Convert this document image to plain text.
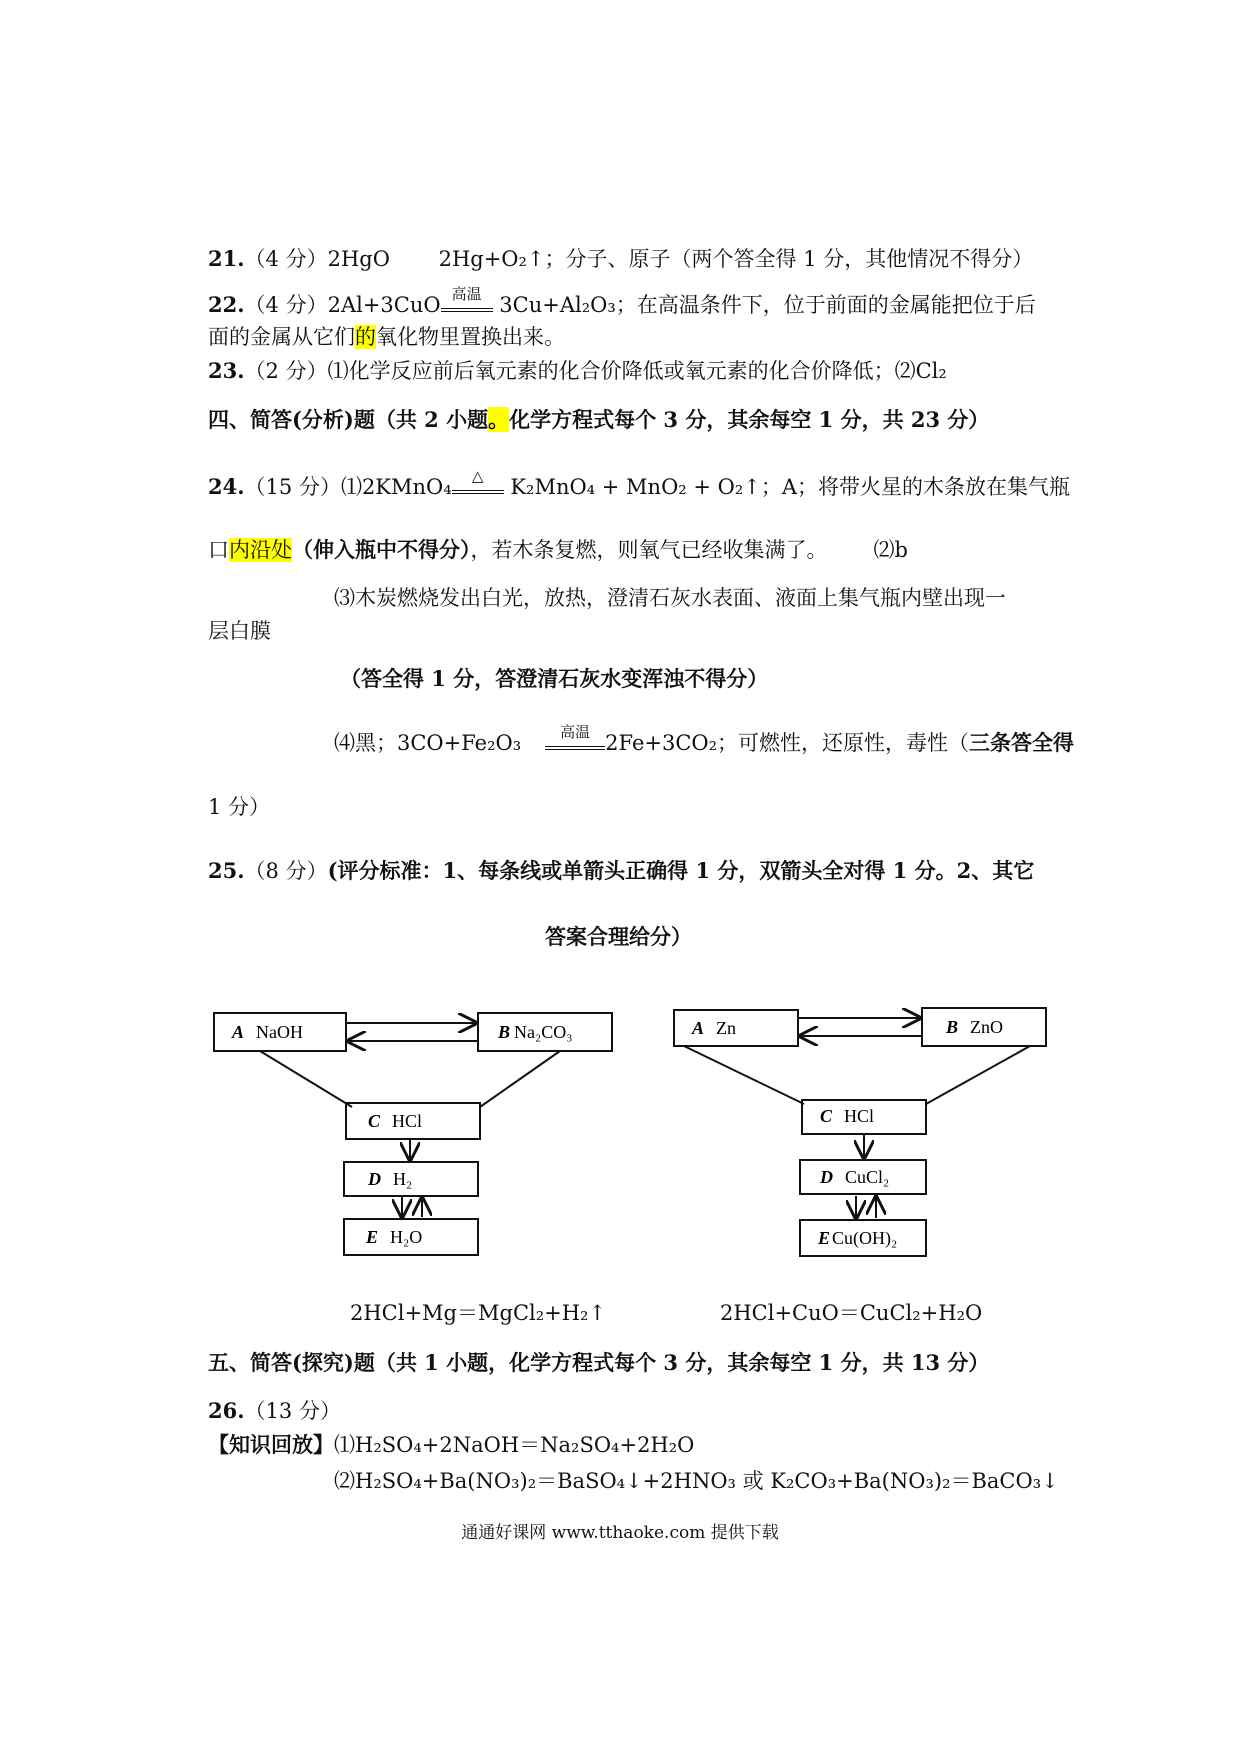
21.（4 分）2HgO　　 2Hg+O₂↑；分子、原子（两个答全得 1 分，其他情况不得分）
22.（4 分）2Al+3CuO 高温 3Cu+Al₂O₃；在高温条件下，位于前面的金属能把位于后
面的金属从它们的氧化物里置换出来。
23.（2 分）⑴化学反应前后氧元素的化合价降低或氧元素的化合价降低；⑵Cl₂
四、简答(分析)题（共 2 小题。化学方程式每个 3 分，其余每空 1 分，共 23 分）
24.（15 分）⑴2KMnO₄	△ K₂MnO₄ + MnO₂ + O₂↑；A；将带火星的木条放在集气瓶
口内沿处（伸入瓶中不得分），若木条复燃，则氧气已经收集满了。 ⑵b
⑶木炭燃烧发出白光，放热，澄清石灰水表面、液面上集气瓶内壁出现一
层白膜
（答全得 1 分，答澄清石灰水变浑浊不得分）
⑷黑；3CO+Fe₂O₃	高温 2Fe+3CO₂；可燃性，还原性，毒性（三条答全得
1 分）
25.（8 分）(评分标准：1、每条线或单箭头正确得 1 分，双箭头全对得 1 分。2、其它
答案合理给分）
A NaOH	B Na₂CO₃
C HCl
D H₂
E H₂O
A Zn	B ZnO
C HCl
D CuCl₂
E Cu(OH)₂
2HCl+Mg＝MgCl₂+H₂↑	2HCl+CuO＝CuCl₂+H₂O
五、简答(探究)题（共 1 小题，化学方程式每个 3 分，其余每空 1 分，共 13 分）
26.（13 分）
【知识回放】⑴H₂SO₄+2NaOH＝Na₂SO₄+2H₂O
⑵H₂SO₄+Ba(NO₃)₂＝BaSO₄↓+2HNO₃ 或 K₂CO₃+Ba(NO₃)₂＝BaCO₃↓
通通好课网 www.tthaoke.com 提供下载
